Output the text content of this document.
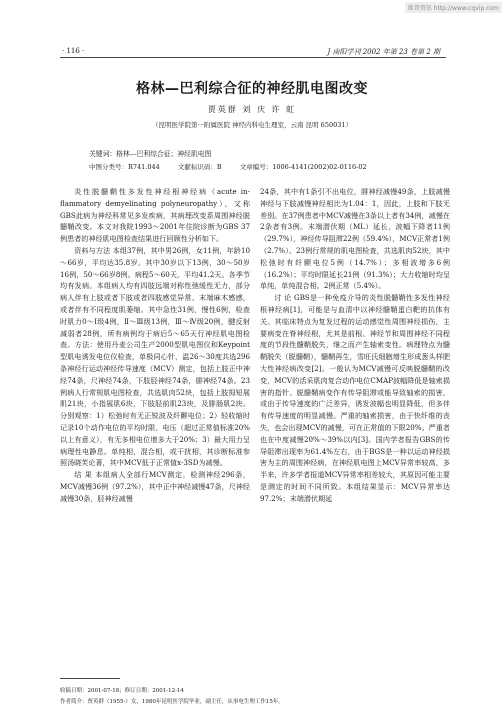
维普资讯 http://www.cqvip.com
· 116 ·	J 南阳学刊 2002 年第 23 卷第 2 期
格林—巴利综合征的神经肌电图改变
贾英群 刘 庆 许 虹
（昆明医学院第一附属医院 神经内科电生理室，云南 昆明 650031）
关键词：格林—巴利综合征；神经肌电图
中图分类号：R741.044	文献标识码：B	文章编号：1006-4141(2002)02-0116-02

炎性脱髓鞘性多发性神经根神经病（acute in-flammatory demyelinating polyneuropathy），又称GBS此病为神经科常见多发疾病，其病理改变系周围神经脱髓鞘改变。本文对我院1993～2001年住院诊断为GBS 37例患者的神经肌电图检查结果进行回顾性分析如下。

资料与方法 本组37例，其中男26例，女11例，年龄10～66岁，平均达35.8岁。其中30岁以下13例，30～50岁16例，50～66岁8例。病程5～60天，平均41.2天。各季节均有发病。本组病人均有四肢远端对称性弛缓性无力，部分病人伴有上肢或者下肢或者四肢感觉异常、末端麻木感感，或者伴有不同程度肌萎缩。其中急性31例，慢性6例，检查时肌力0～Ⅰ级4例，Ⅱ～Ⅲ级13例，Ⅲ～Ⅳ级20例，腱反射减弱者28例，所有病例均于病后5～65天行神经肌电图检查。方法：使用丹麦公司生产2000型肌电图仪和Keypoint型肌电诱发电位仪检查，单极同心针，温26～30度共选296条神经行运动神经传导速度（MCV）测定，包括上肢正中神经74条，尺神经74条，下肢胫神经74条，腓神经74条。23例病人行常规肌电图检查，共选肌肉52块，包括上肢拇短展肌21块，小指展肌6块，下肢胫前肌23块，及腓肠肌2块。分别观察：1）松弛时有无正锐波及纤颤电位；2）轻收缩时记录10个动作电位的平均时限、电压（超过正常值标准20%以上有意义），有无多相电位增多大于20%；3）最大用力呈病理性电静息。单纯相，混合相，或干扰相，其诊断标准参照汤晓芙论著，其中MCV低于正常值x-3SD为减慢。

结 果 本组病人全部行MCV测定，检测神经296条，MCV减慢36例（97.2%），其中正中神经减慢47条，尺神经减慢30条，胫神经减慢

24条，其中有1条引不出电位，腓神经减慢49条，上肢减慢神经与下肢减慢神经相比为1.04：1，因此，上肢和下肢无差别。在37例患者中MCV减慢在3条以上者有34例，减慢在2条者有3例。末端潜伏期（ML）延长，波幅下降者11例（29.7%），神经传导阻滞22例（59.4%），MCV正常者1例（2.7%）。23例行常规的肌电图检查，共选肌肉52块，其中松弛时有纤颤电位5例（14.7%）；多相波增多6例（16.2%）；平均时限延长21例（91.3%）；大力收缩时均呈单纯，单纯混合相。2例正常（5.4%）。

讨 论 GBS是一种免疫介导的炎性脱髓鞘性多发性神经根神经病[1]，可能是与血清中以神经髓鞘蛋白靶的抗体有关。其临床特点为复发过程的运动感觉性周围神经损伤，主要病变在脊神经根，尤其是前根、神经节和周围神经不同程度的节段性髓鞘脱失，继之而产生轴索变性。病理特点为髓鞘脱失（脱髓鞘），髓鞘再生，雪旺氏细胞增生形成葱头样肥大性神经病改变[2]。一般认为MCV减慢可反映脱髓鞘的改变，MCV的活采肌肉复合动作电位CMAP波幅降低是轴索损害的指针。脱髓鞘病变作有传导阻滞或能导致轴索的损害，或由于传导速度的广泛差异，诱发波幅也明显降低，但多伴有传导速度的明显减慢。严重的轴索损害，由于快纤维的丧失，也会出现MCV的减慢，可在正常值的下限20%。严重者也在中度减慢20%～39%以内[3]。国内学者报告GBS的传导阻滞出现率为61.4%左右，由于BGS是一种以运动神经损害为主的周围神经病，在神经肌电图上MCV异常率较高，多半来，许多学者报道MCV异常率相差较大，其原因可能主要是测定的时间不同所致。本组结果显示：MCV异常率达97.2%；末端潜伏期延

收稿日期：2001-07-18；修订日期：2001-12-14
作者简介：贾英群（1955-）女，1980年昆明医学院毕业，副主任，从事电生理工作15年。
